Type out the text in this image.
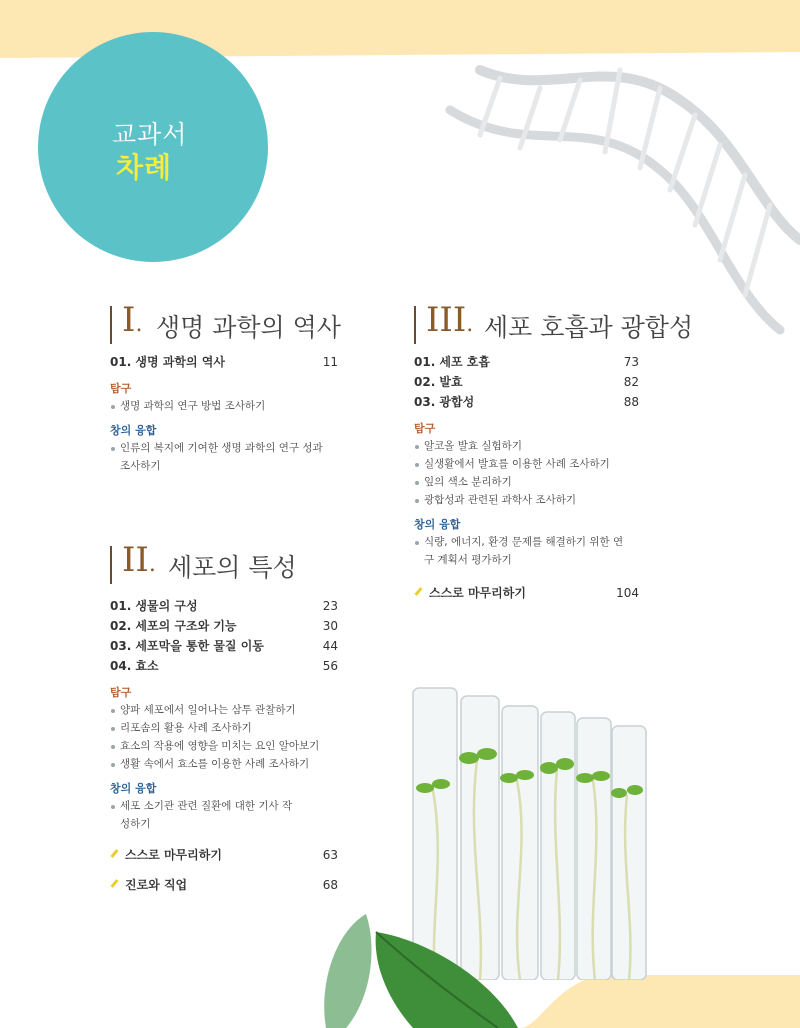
교과서
차례
I. 생명 과학의 역사
01. 생명 과학의 역사	11
탐구
생명 과학의 연구 방법 조사하기
창의 융합
인류의 복지에 기여한 생명 과학의 연구 성과 조사하기
II. 세포의 특성
01. 생물의 구성	23
02. 세포의 구조와 기능	30
03. 세포막을 통한 물질 이동	44
04. 효소	56
탐구
양파 세포에서 일어나는 삼투 관찰하기
리포솜의 활용 사례 조사하기
효소의 작용에 영향을 미치는 요인 알아보기
생활 속에서 효소를 이용한 사례 조사하기
창의 융합
세포 소기관 관련 질환에 대한 기사 작성하기
스스로 마무리하기	63
진로와 직업	68
III. 세포 호흡과 광합성
01. 세포 호흡	73
02. 발효	82
03. 광합성	88
탐구
알코올 발효 실험하기
실생활에서 발효를 이용한 사례 조사하기
잎의 색소 분리하기
광합성과 관련된 과학사 조사하기
창의 융합
식량, 에너지, 환경 문제를 해결하기 위한 연구 계획서 평가하기
스스로 마무리하기	104
